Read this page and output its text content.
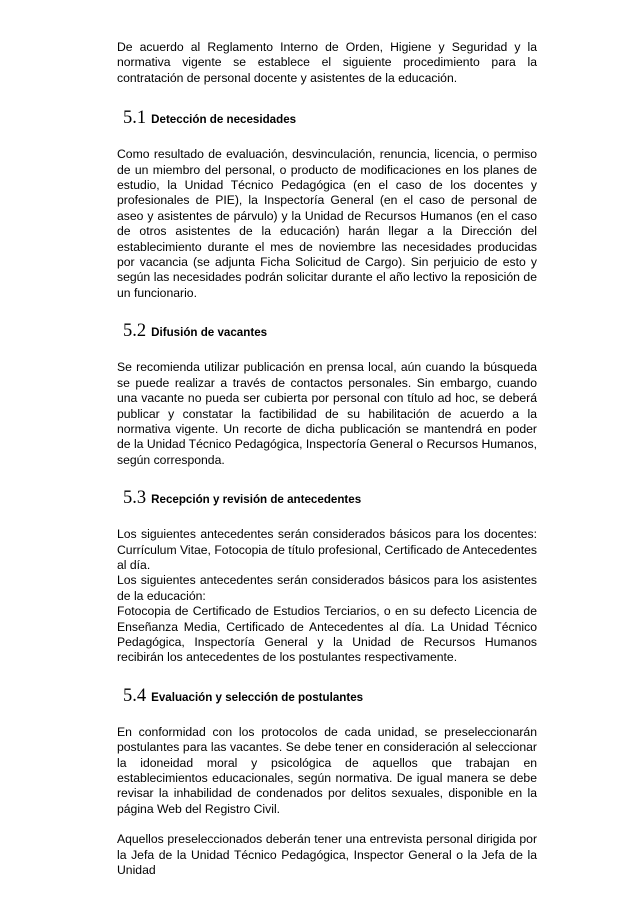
De acuerdo al Reglamento Interno de Orden, Higiene y Seguridad y la normativa vigente se establece el siguiente procedimiento para la contratación de personal docente y asistentes de la educación.

5.1 Detección de necesidades

Como resultado de evaluación, desvinculación, renuncia, licencia, o permiso de un miembro del personal, o producto de modificaciones en los planes de estudio, la Unidad Técnico Pedagógica (en el caso de los docentes y profesionales de PIE), la Inspectoría General (en el caso de personal de aseo y asistentes de párvulo) y la Unidad de Recursos Humanos (en el caso de otros asistentes de la educación) harán llegar a la Dirección del establecimiento durante el mes de noviembre las necesidades producidas por vacancia (se adjunta Ficha Solicitud de Cargo). Sin perjuicio de esto y según las necesidades podrán solicitar durante el año lectivo la reposición de un funcionario.

5.2 Difusión de vacantes

Se recomienda utilizar publicación en prensa local, aún cuando la búsqueda se puede realizar a través de contactos personales. Sin embargo, cuando una vacante no pueda ser cubierta por personal con título ad hoc, se deberá publicar y constatar la factibilidad de su habilitación de acuerdo a la normativa vigente. Un recorte de dicha publicación se mantendrá en poder de la Unidad Técnico Pedagógica, Inspectoría General o Recursos Humanos, según corresponda.

5.3 Recepción y revisión de antecedentes

Los siguientes antecedentes serán considerados básicos para los docentes: Currículum Vitae, Fotocopia de título profesional, Certificado de Antecedentes al día.

Los siguientes antecedentes serán considerados básicos para los asistentes de la educación:

Fotocopia de Certificado de Estudios Terciarios, o en su defecto Licencia de Enseñanza Media, Certificado de Antecedentes al día. La Unidad Técnico Pedagógica, Inspectoría General y la Unidad de Recursos Humanos recibirán los antecedentes de los postulantes respectivamente.

5.4 Evaluación y selección de postulantes

En conformidad con los protocolos de cada unidad, se preseleccionarán postulantes para las vacantes. Se debe tener en consideración al seleccionar la idoneidad moral y psicológica de aquellos que trabajan en establecimientos educacionales, según normativa. De igual manera se debe revisar la inhabilidad de condenados por delitos sexuales, disponible en la página Web del Registro Civil.

Aquellos preseleccionados deberán tener una entrevista personal dirigida por la Jefa de la Unidad Técnico Pedagógica, Inspector General o la Jefa de la Unidad
